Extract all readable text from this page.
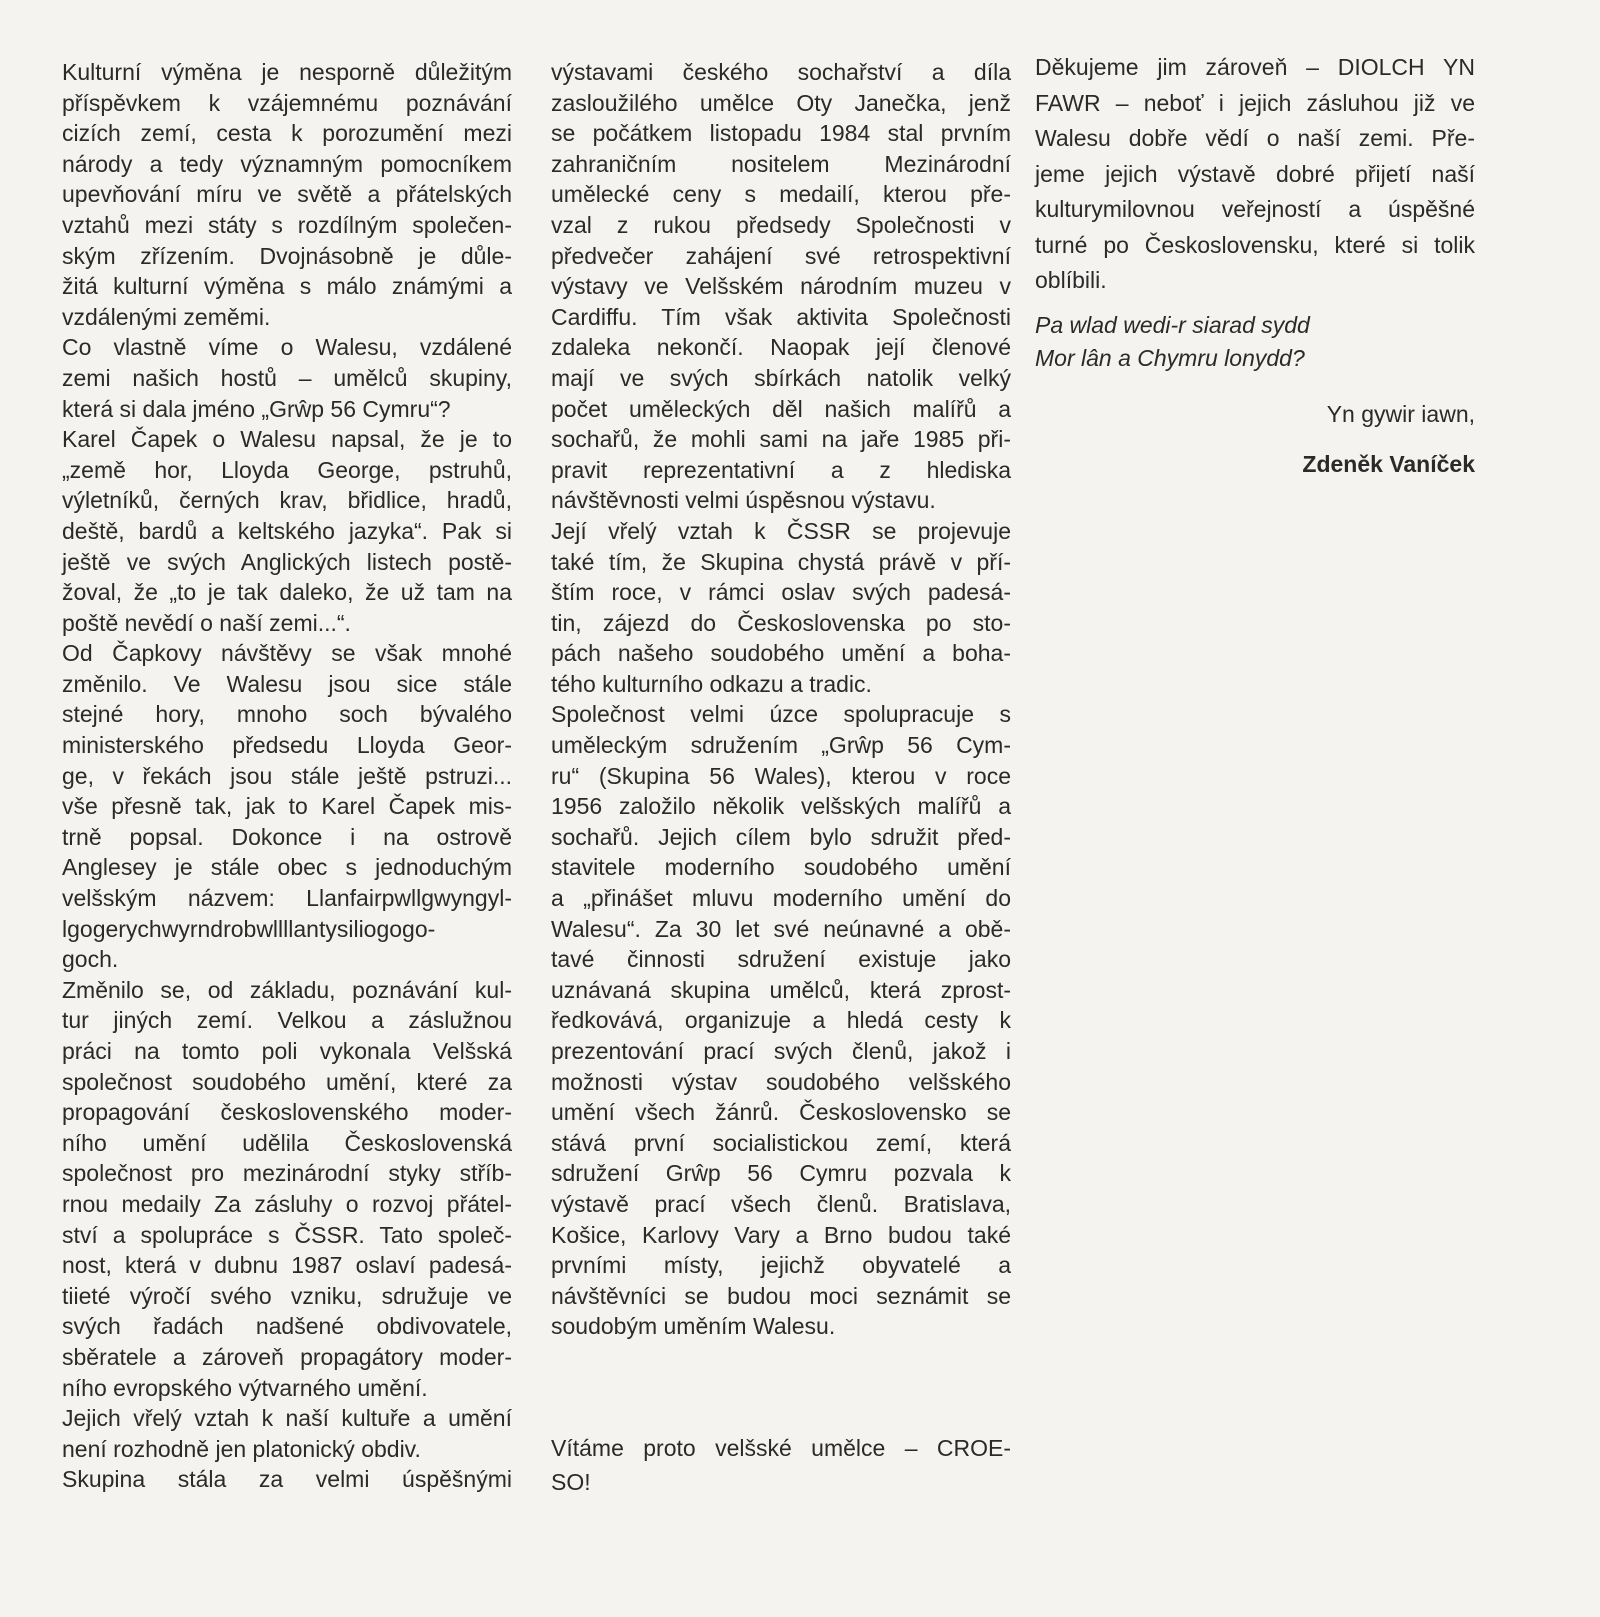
Kulturní výměna je nesporně důležitým
příspěvkem k vzájemnému poznávání
cizích zemí, cesta k porozumění mezi
národy a tedy významným pomocníkem
upevňování míru ve světě a přátelských
vztahů mezi státy s rozdílným společen-
ským zřízením. Dvojnásobně je důle-
žitá kulturní výměna s málo známými a
vzdálenými zeměmi.
Co vlastně víme o Walesu, vzdálené
zemi našich hostů – umělců skupiny,
která si dala jméno „Grŵp 56 Cymru“?
Karel Čapek o Walesu napsal, že je to
„země hor, Lloyda George, pstruhů,
výletníků, černých krav, břidlice, hradů,
deště, bardů a keltského jazyka“. Pak si
ještě ve svých Anglických listech postě-
žoval, že „to je tak daleko, že už tam na
poště nevědí o naší zemi...“.
Od Čapkovy návštěvy se však mnohé
změnilo. Ve Walesu jsou sice stále
stejné hory, mnoho soch bývalého
ministerského předsedu Lloyda Geor-
ge, v řekách jsou stále ještě pstruzi...
vše přesně tak, jak to Karel Čapek mis-
trně popsal. Dokonce i na ostrově
Anglesey je stále obec s jednoduchým
velšským názvem: Llanfairpwllgwyngyl-
lgogerychwyrndrobwllllantysiliogogo-
goch.
Změnilo se, od základu, poznávání kul-
tur jiných zemí. Velkou a záslužnou
práci na tomto poli vykonala Velšská
společnost soudobého umění, které za
propagování československého moder-
ního umění udělila Československá
společnost pro mezinárodní styky stříb-
rnou medaily Za zásluhy o rozvoj přátel-
ství a spolupráce s ČSSR. Tato společ-
nost, která v dubnu 1987 oslaví padesá-
tiieté výročí svého vzniku, sdružuje ve
svých řadách nadšené obdivovatele,
sběratele a zároveň propagátory moder-
ního evropského výtvarného umění.
Jejich vřelý vztah k naší kultuře a umění
není rozhodně jen platonický obdiv.
Skupina stála za velmi úspěšnými
výstavami českého sochařství a díla
zasloužilého umělce Oty Janečka, jenž
se počátkem listopadu 1984 stal prvním
zahraničním nositelem Mezinárodní
umělecké ceny s medailí, kterou pře-
vzal z rukou předsedy Společnosti v
předvečer zahájení své retrospektivní
výstavy ve Velšském národním muzeu v
Cardiffu. Tím však aktivita Společnosti
zdaleka nekončí. Naopak její členové
mají ve svých sbírkách natolik velký
počet uměleckých děl našich malířů a
sochařů, že mohli sami na jaře 1985 při-
pravit reprezentativní a z hlediska
návštěvnosti velmi úspěsnou výstavu.
Její vřelý vztah k ČSSR se projevuje
také tím, že Skupina chystá právě v pří-
štím roce, v rámci oslav svých padesá-
tin, zájezd do Československa po sto-
pách našeho soudobého umění a boha-
tého kulturního odkazu a tradic.
Společnost velmi úzce spolupracuje s
uměleckým sdružením „Grŵp 56 Cym-
ru“ (Skupina 56 Wales), kterou v roce
1956 založilo několik velšských malířů a
sochařů. Jejich cílem bylo sdružit před-
stavitele moderního soudobého umění
a „přinášet mluvu moderního umění do
Walesu“. Za 30 let své neúnavné a obě-
tavé činnosti sdružení existuje jako
uznávaná skupina umělců, která zprost-
ředkovává, organizuje a hledá cesty k
prezentování prací svých členů, jakož i
možnosti výstav soudobého velšského
umění všech žánrů. Československo se
stává první socialistickou zemí, která
sdružení Grŵp 56 Cymru pozvala k
výstavě prací všech členů. Bratislava,
Košice, Karlovy Vary a Brno budou také
prvními místy, jejichž obyvatelé a
návštěvníci se budou moci seznámit se
soudobým uměním Walesu.
Vítáme proto velšské umělce – CROE-
SO!
Děkujeme jim zároveň – DIOLCH YN
FAWR – neboť i jejich zásluhou již ve
Walesu dobře vědí o naší zemi. Pře-
jeme jejich výstavě dobré přijetí naší
kulturymilovnou veřejností a úspěšné
turné po Československu, které si tolik
oblíbili.
Pa wlad wedi-r siarad sydd
Mor lân a Chymru lonydd?
Yn gywir iawn,
Zdeněk Vaníček
